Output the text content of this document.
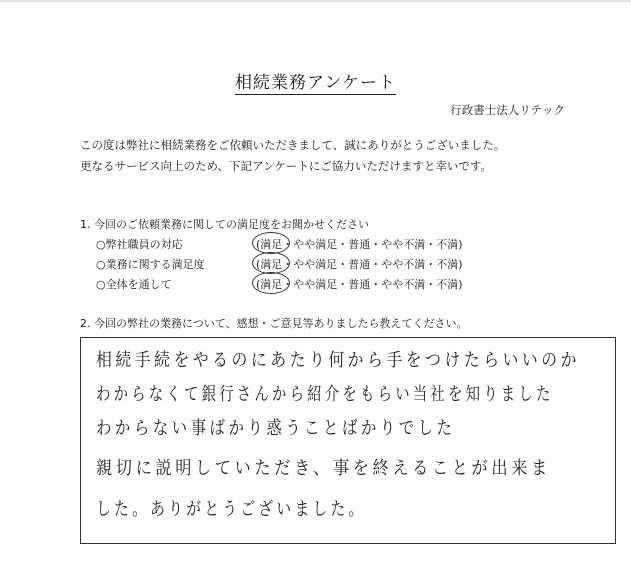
相続業務アンケート
行政書士法人リテック
この度は弊社に相続業務をご依頼いただきまして、誠にありがとうございました。
更なるサービス向上のため、下記アンケートにご協力いただけますと幸いです。
1. 今回のご依頼業務に関しての満足度をお聞かせください
○弊社職員の対応	(満足・やや満足・普通・やや不満・不満)
○業務に関する満足度	(満足・やや満足・普通・やや不満・不満)
○全体を通して	(満足・やや満足・普通・やや不満・不満)
2. 今回の弊社の業務について、感想・ご意見等ありましたら教えてください。
相続手続をやるのにあたり何から手をつけたらいいのか
わからなくて銀行さんから紹介をもらい当社を知りました
わからない事ばかり惑うことばかりでした
親切に説明していただき、事を終えることが出来ま
した。ありがとうございました。
